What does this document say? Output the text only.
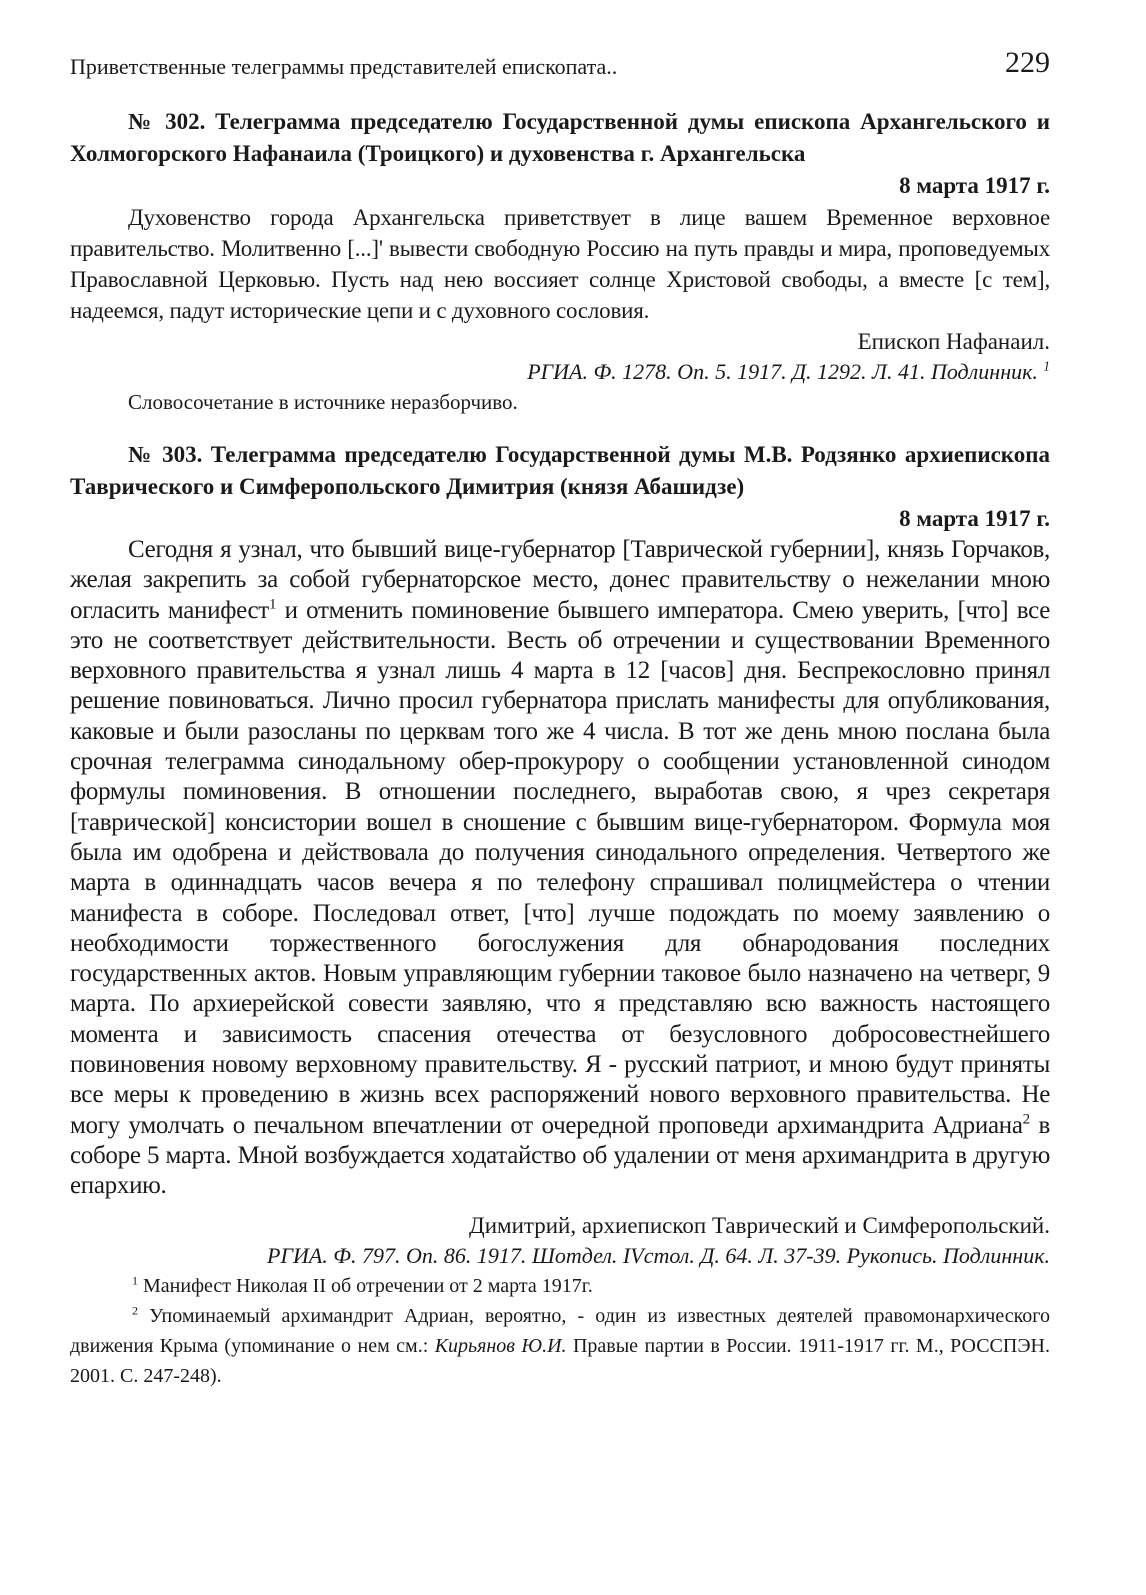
Приветственные телеграммы представителей епископата..	229
№ 302. Телеграмма председателю Государственной думы епископа Архангельского и Холмогорского Нафанаила (Троицкого) и духовенства г. Архангельска
8 марта 1917 г.

Духовенство города Архангельска приветствует в лице вашем Временное верховное правительство. Молитвенно [...]' вывести свободную Россию на путь правды и мира, проповедуемых Православной Церковью. Пусть над нею воссияет солнце Христовой свободы, а вместе [с тем], надеемся, падут исторические цепи и с духовного сословия.

Епископ Нафанаил.
РГИА. Ф. 1278. Оп. 5. 1917. Д. 1292. Л. 41. Подлинник. $^1$
Словосочетание в источнике неразборчиво.
№ 303. Телеграмма председателю Государственной думы М.В. Родзянко архиепископа Таврического и Симферопольского Димитрия (князя Абашидзе)
8 марта 1917 г.

Сегодня я узнал, что бывший вице-губернатор [Таврической губернии], князь Горчаков, желая закрепить за собой губернаторское место, донес правительству о нежелании мною огласить манифест$^1$ и отменить поминовение бывшего императора. Смею уверить, [что] все это не соответствует действительности. Весть об отречении и существовании Временного верховного правительства я узнал лишь 4 марта в 12 [часов] дня. Беспрекословно принял решение повиноваться. Лично просил губернатора прислать манифесты для опубликования, каковые и были разосланы по церквам того же 4 числа. В тот же день мною послана была срочная телеграмма синодальному обер-прокурору о сообщении установленной синодом формулы поминовения. В отношении последнего, выработав свою, я чрез секретаря [таврической] консистории вошел в сношение с бывшим вице-губернатором. Формула моя была им одобрена и действовала до получения синодального определения. Четвертого же марта в одиннадцать часов вечера я по телефону спрашивал полицмейстера о чтении манифеста в соборе. Последовал ответ, [что] лучше подождать по моему заявлению о необходимости торжественного богослужения для обнародования последних государственных актов. Новым управляющим губернии таковое было назначено на четверг, 9 марта. По архиерейской совести заявляю, что я представляю всю важность настоящего момента и зависимость спасения отечества от безусловного добросовестнейшего повиновения новому верховному правительству. Я - русский патриот, и мною будут приняты все меры к проведению в жизнь всех распоряжений нового верховного правительства. Не могу умолчать о печальном впечатлении от очередной проповеди архимандрита Адриана$^2$ в соборе 5 марта. Мной возбуждается ходатайство об удалении от меня архимандрита в другую епархию.

Димитрий, архиепископ Таврический и Симферопольский.
РГИА. Ф. 797. Оп. 86. 1917. Шотдел. IVстол. Д. 64. Л. 37-39. Рукопись. Подлинник.
$^1$ Манифест Николая II об отречении от 2 марта 1917г.
$^2$ Упоминаемый архимандрит Адриан, вероятно, - один из известных деятелей правомонархического движения Крыма (упоминание о нем см.: Кирьянов Ю.И. Правые партии в России. 1911-1917 гг. М., РОССПЭН. 2001. С. 247-248).
